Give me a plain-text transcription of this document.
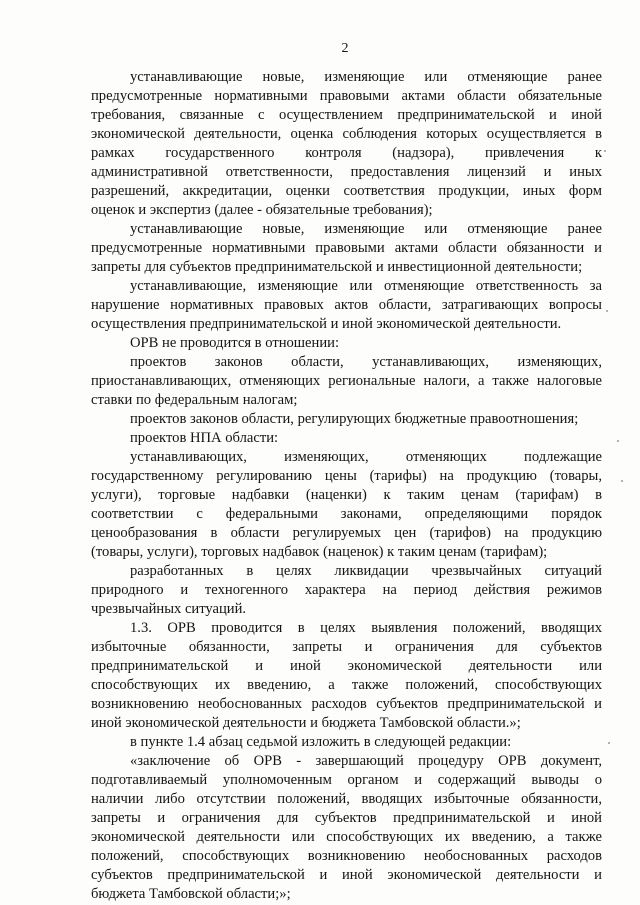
2
устанавливающие новые, изменяющие или отменяющие ранее
предусмотренные нормативными правовыми актами области обязательные
требования, связанные с осуществлением предпринимательской и иной
экономической деятельности, оценка соблюдения которых осуществляется в
рамках государственного контроля (надзора), привлечения к
административной ответственности, предоставления лицензий и иных
разрешений, аккредитации, оценки соответствия продукции, иных форм
оценок и экспертиз (далее - обязательные требования);
устанавливающие новые, изменяющие или отменяющие ранее
предусмотренные нормативными правовыми актами области обязанности и
запреты для субъектов предпринимательской и инвестиционной деятельности;
устанавливающие, изменяющие или отменяющие ответственность за
нарушение нормативных правовых актов области, затрагивающих вопросы
осуществления предпринимательской и иной экономической деятельности.
ОРВ не проводится в отношении:
проектов законов области, устанавливающих, изменяющих,
приостанавливающих, отменяющих региональные налоги, а также налоговые
ставки по федеральным налогам;
проектов законов области, регулирующих бюджетные правоотношения;
проектов НПА области:
устанавливающих, изменяющих, отменяющих подлежащие
государственному регулированию цены (тарифы) на продукцию (товары,
услуги), торговые надбавки (наценки) к таким ценам (тарифам) в
соответствии с федеральными законами, определяющими порядок
ценообразования в области регулируемых цен (тарифов) на продукцию
(товары, услуги), торговых надбавок (наценок) к таким ценам (тарифам);
разработанных в целях ликвидации чрезвычайных ситуаций
природного и техногенного характера на период действия режимов
чрезвычайных ситуаций.
1.3. ОРВ проводится в целях выявления положений, вводящих
избыточные обязанности, запреты и ограничения для субъектов
предпринимательской и иной экономической деятельности или
способствующих их введению, а также положений, способствующих
возникновению необоснованных расходов субъектов предпринимательской и
иной экономической деятельности и бюджета Тамбовской области.»;
в пункте 1.4 абзац седьмой изложить в следующей редакции:
«заключение об ОРВ - завершающий процедуру ОРВ документ,
подготавливаемый уполномоченным органом и содержащий выводы о
наличии либо отсутствии положений, вводящих избыточные обязанности,
запреты и ограничения для субъектов предпринимательской и иной
экономической деятельности или способствующих их введению, а также
положений, способствующих возникновению необоснованных расходов
субъектов предпринимательской и иной экономической деятельности и
бюджета Тамбовской области;»;
